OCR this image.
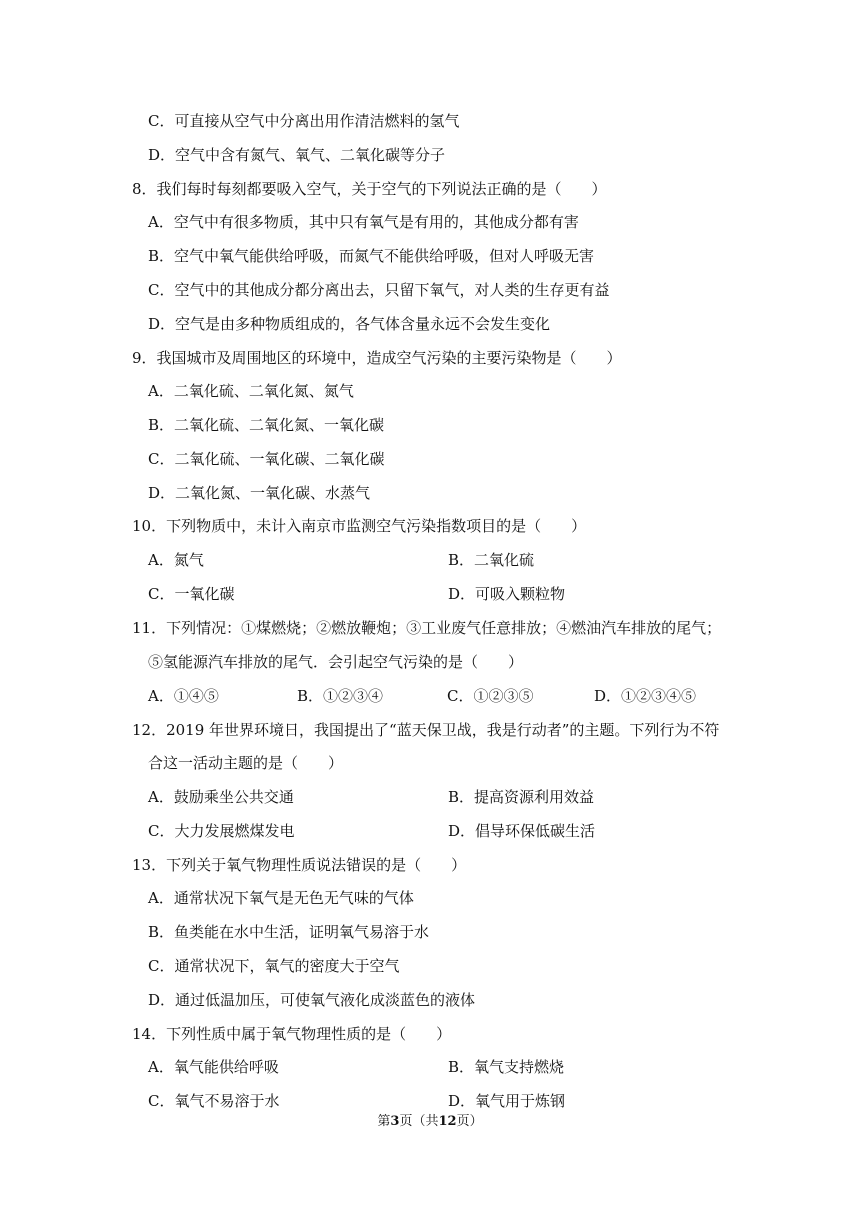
C．可直接从空气中分离出用作清洁燃料的氢气
D．空气中含有氮气、氧气、二氧化碳等分子
8．我们每时每刻都要吸入空气，关于空气的下列说法正确的是（　　）
A．空气中有很多物质，其中只有氧气是有用的，其他成分都有害
B．空气中氧气能供给呼吸，而氮气不能供给呼吸，但对人呼吸无害
C．空气中的其他成分都分离出去，只留下氧气，对人类的生存更有益
D．空气是由多种物质组成的，各气体含量永远不会发生变化
9．我国城市及周围地区的环境中，造成空气污染的主要污染物是（　　）
A．二氧化硫、二氧化氮、氮气
B．二氧化硫、二氧化氮、一氧化碳
C．二氧化硫、一氧化碳、二氧化碳
D．二氧化氮、一氧化碳、水蒸气
10．下列物质中，未计入南京市监测空气污染指数项目的是（　　）
A．氮气	B．二氧化硫
C．一氧化碳	D．可吸入颗粒物
11．下列情况：①煤燃烧；②燃放鞭炮；③工业废气任意排放；④燃油汽车排放的尾气；
⑤氢能源汽车排放的尾气．会引起空气污染的是（　　）
A．①④⑤	B．①②③④	C．①②③⑤	D．①②③④⑤
12．2019 年世界环境日，我国提出了“蓝天保卫战，我是行动者”的主题。下列行为不符
合这一活动主题的是（　　）
A．鼓励乘坐公共交通	B．提高资源利用效益
C．大力发展燃煤发电	D．倡导环保低碳生活
13．下列关于氧气物理性质说法错误的是（　　）
A．通常状况下氧气是无色无气味的气体
B．鱼类能在水中生活，证明氧气易溶于水
C．通常状况下，氧气的密度大于空气
D．通过低温加压，可使氧气液化成淡蓝色的液体
14．下列性质中属于氧气物理性质的是（　　）
A．氧气能供给呼吸	B．氧气支持燃烧
C．氧气不易溶于水	D．氧气用于炼钢
第3页（共12页）
